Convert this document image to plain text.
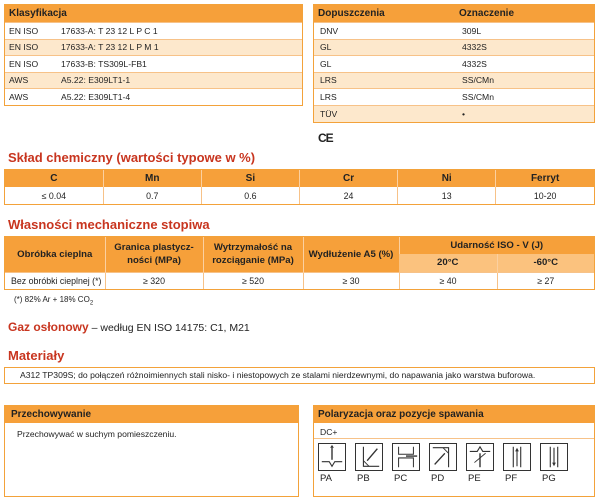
Klasyfikacja
EN ISO	17633-A: T 23 12 L P C 1
EN ISO	17633-A: T 23 12 L P M 1
EN ISO	17633-B: TS309L-FB1
AWS	A5.22: E309LT1-1
AWS	A5.22: E309LT1-4
Dopuszczenia	Oznaczenie
DNV	309L
GL	4332S
GL	4332S
LRS	SS/CMn
LRS	SS/CMn
TÜV	•
CE
Skład chemiczny (wartości typowe w %)
C	Mn	Si	Cr	Ni	Ferryt
≤ 0.04	0.7	0.6	24	13	10-20
Własności mechaniczne stopiwa
Obróbka cieplna	Granica plastycz-ności (MPa)	Wytrzymałość na rozciąganie (MPa)	Wydłużenie A5 (%)	Udarność ISO - V (J)	
				20°C	-60°C
Bez obróbki cieplnej (*)	≥ 320	≥ 520	≥ 30	≥ 40	≥ 27
(*) 82% Ar + 18% $CO_2$
Gaz osłonowy – według EN ISO 14175: C1, M21
Materiały
A312 TP309S; do połączeń różnoimiennych stali nisko- i niestopowych ze stalami nierdzewnymi, do napawania jako warstwa buforowa.
Przechowywanie
Przechowywać w suchym pomieszczeniu.
Polaryzacja oraz pozycje spawania
DC+
PA	PB	PC	PD	PE	PF	PG
